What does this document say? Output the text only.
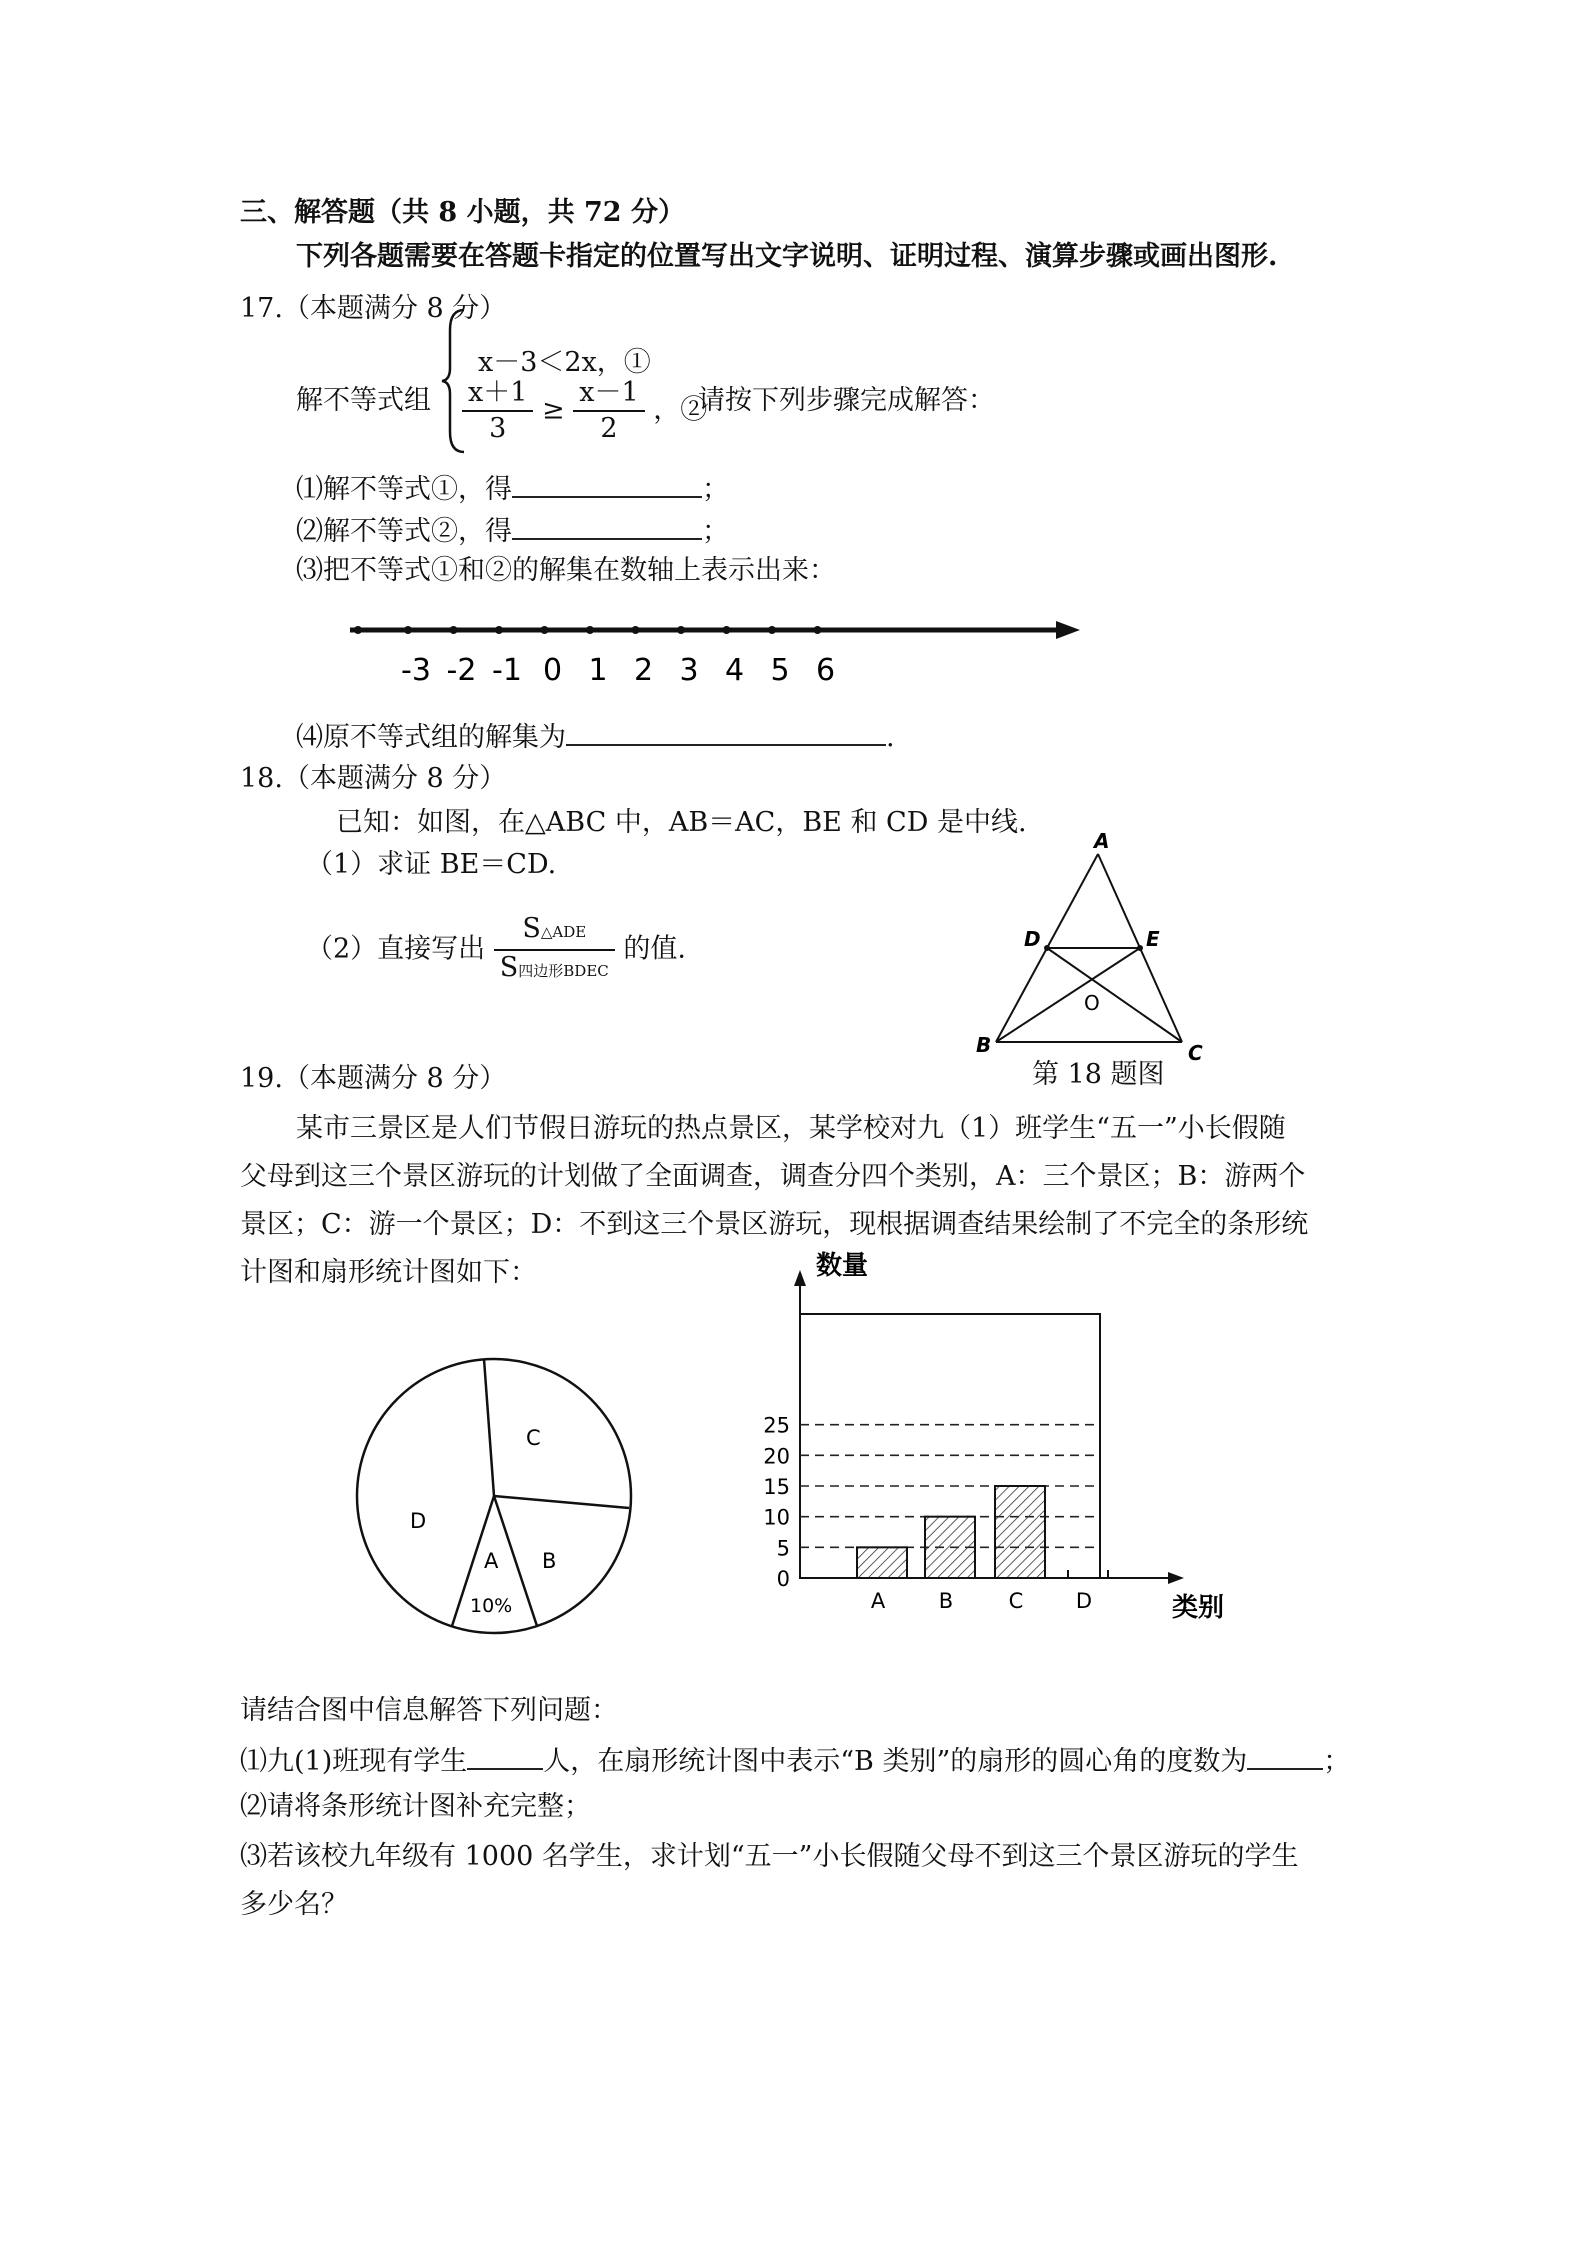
三、解答题（共 8 小题，共 72 分）
下列各题需要在答题卡指定的位置写出文字说明、证明过程、演算步骤或画出图形.
17.（本题满分 8 分）
解不等式组
x－3＜2x，①
$\frac{x+1}{3} \ge \frac{x-1}{2}$ ，②
请按下列步骤完成解答：
⑴解不等式①，得	；
⑵解不等式②，得	；
⑶把不等式①和②的解集在数轴上表示出来：
-3 -2 -1 0 1 2 3 4 5 6
⑷原不等式组的解集为	.
18.（本题满分 8 分）
已知：如图，在△ABC 中，AB＝AC，BE 和 CD 是中线.
（1）求证 BE＝CD.
（2）直接写出 $\frac{\text{S△ADE}}{\text{S四边形BDEC}}$ 的值.
A
B	C
D	E
O
第 18 题图
19.（本题满分 8 分）
某市三景区是人们节假日游玩的热点景区，某学校对九（1）班学生“五一”小长假随
父母到这三个景区游玩的计划做了全面调查，调查分四个类别，A：三个景区；B：游两个
景区；C：游一个景区；D：不到这三个景区游玩，现根据调查结果绘制了不完全的条形统
计图和扇形统计图如下：
C
D
A
10%
B
数量
0
5
10
15
20
25
A	B	C	D	类别
请结合图中信息解答下列问题：
⑴九(1)班现有学生	人，在扇形统计图中表示“B 类别”的扇形的圆心角的度数为	；
⑵请将条形统计图补充完整；
⑶若该校九年级有 1000 名学生，求计划“五一”小长假随父母不到这三个景区游玩的学生
多少名？
